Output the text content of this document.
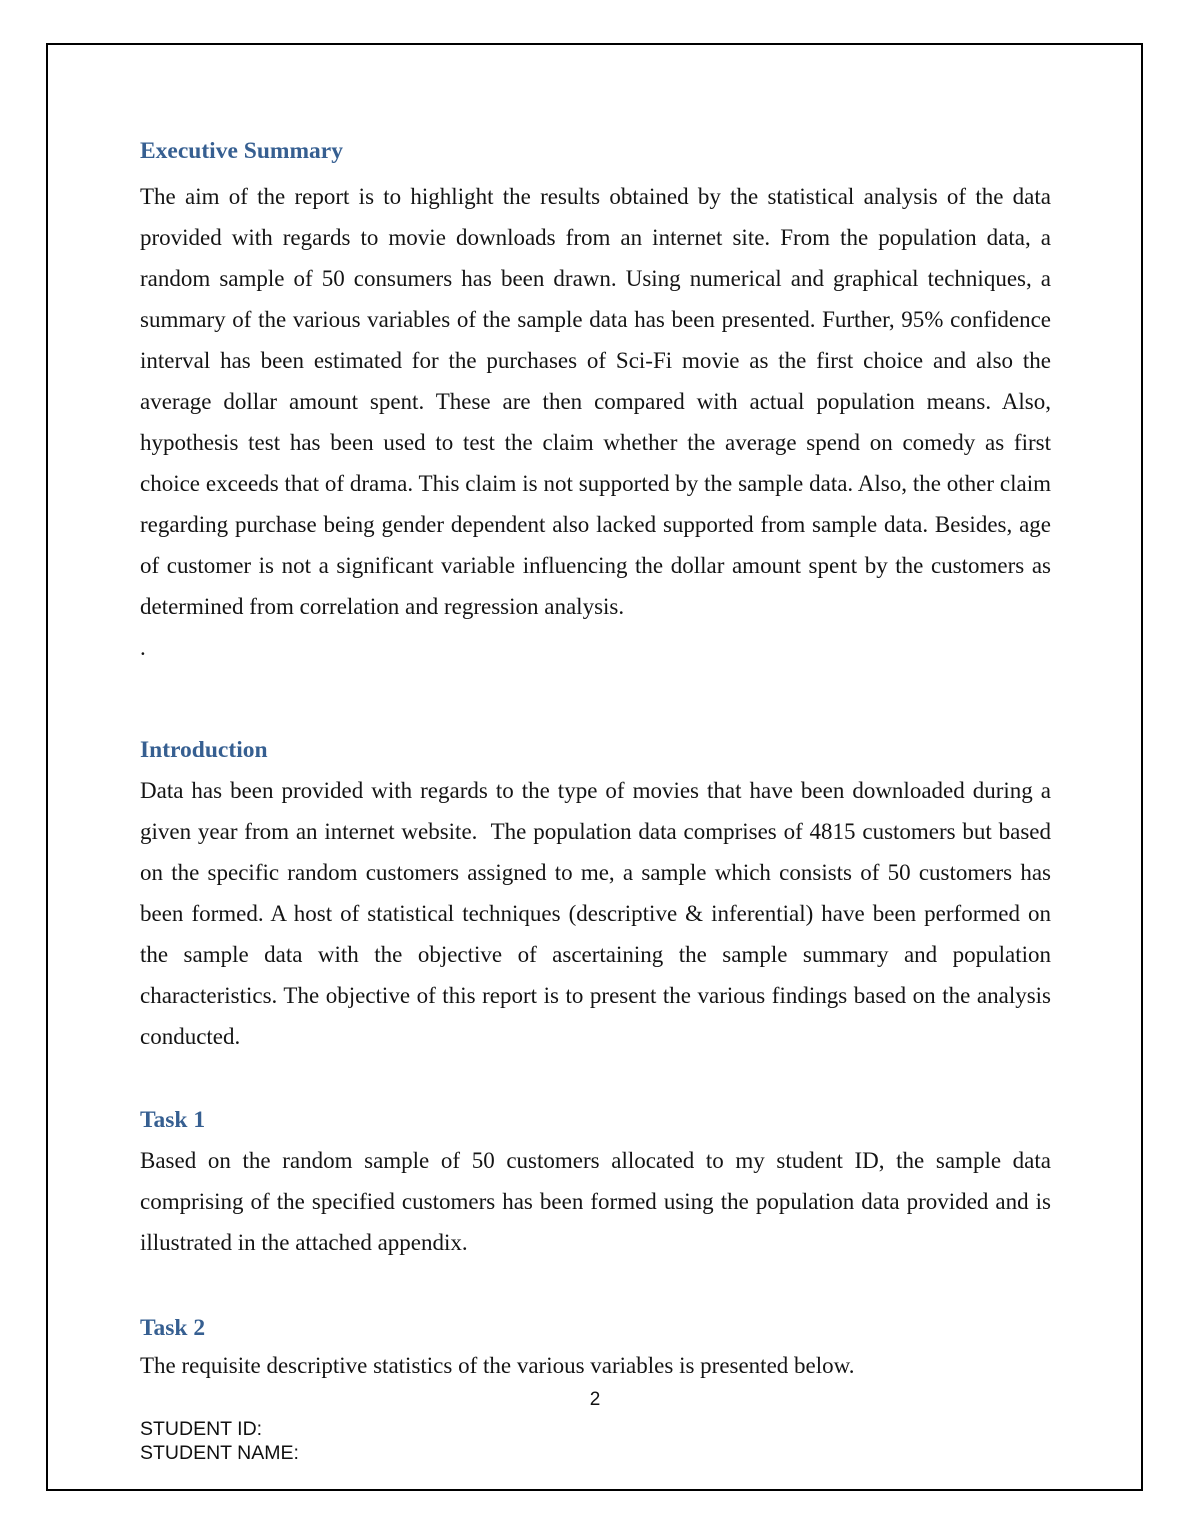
Executive Summary

The aim of the report is to highlight the results obtained by the statistical analysis of the data provided with regards to movie downloads from an internet site. From the population data, a random sample of 50 consumers has been drawn. Using numerical and graphical techniques, a summary of the various variables of the sample data has been presented. Further, 95% confidence interval has been estimated for the purchases of Sci-Fi movie as the first choice and also the average dollar amount spent. These are then compared with actual population means. Also, hypothesis test has been used to test the claim whether the average spend on comedy as first choice exceeds that of drama. This claim is not supported by the sample data. Also, the other claim regarding purchase being gender dependent also lacked supported from sample data. Besides, age of customer is not a significant variable influencing the dollar amount spent by the customers as determined from correlation and regression analysis.

.

Introduction

Data has been provided with regards to the type of movies that have been downloaded during a given year from an internet website.  The population data comprises of 4815 customers but based on the specific random customers assigned to me, a sample which consists of 50 customers has been formed. A host of statistical techniques (descriptive & inferential) have been performed on the sample data with the objective of ascertaining the sample summary and population characteristics. The objective of this report is to present the various findings based on the analysis conducted.

Task 1

Based on the random sample of 50 customers allocated to my student ID, the sample data comprising of the specified customers has been formed using the population data provided and is illustrated in the attached appendix.

Task 2

The requisite descriptive statistics of the various variables is presented below.

2
STUDENT ID:
STUDENT NAME:
